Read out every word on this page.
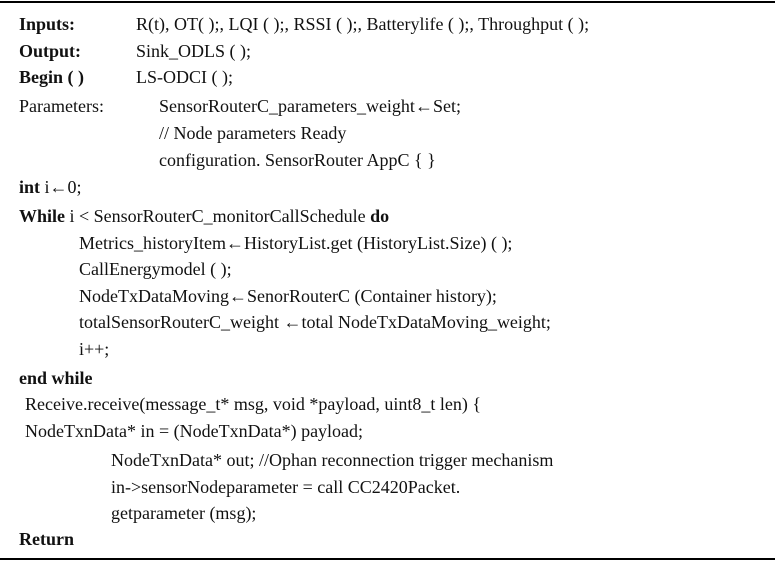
Inputs:	R(t), OT( );, LQI ( );, RSSI ( );, Batterylife ( );, Throughput ( );
Output:	Sink_ODLS ( );
Begin ( )	LS-ODCI ( );
Parameters:	SensorRouterC_parameters_weight←Set;
// Node parameters Ready
configuration. SensorRouter AppC { }
int i←0;
While i < SensorRouterC_monitorCallSchedule do
Metrics_historyItem←HistoryList.get (HistoryList.Size) ( );
CallEnergymodel ( );
NodeTxDataMoving←SenorRouterC (Container history);
totalSensorRouterC_weight ←total NodeTxDataMoving_weight;
i++;
end while
Receive.receive(message_t* msg, void *payload, uint8_t len) {
NodeTxnData* in = (NodeTxnData*) payload;
NodeTxnData* out; //Ophan reconnection trigger mechanism
in->sensorNodeparameter = call CC2420Packet.
getparameter (msg);
Return
